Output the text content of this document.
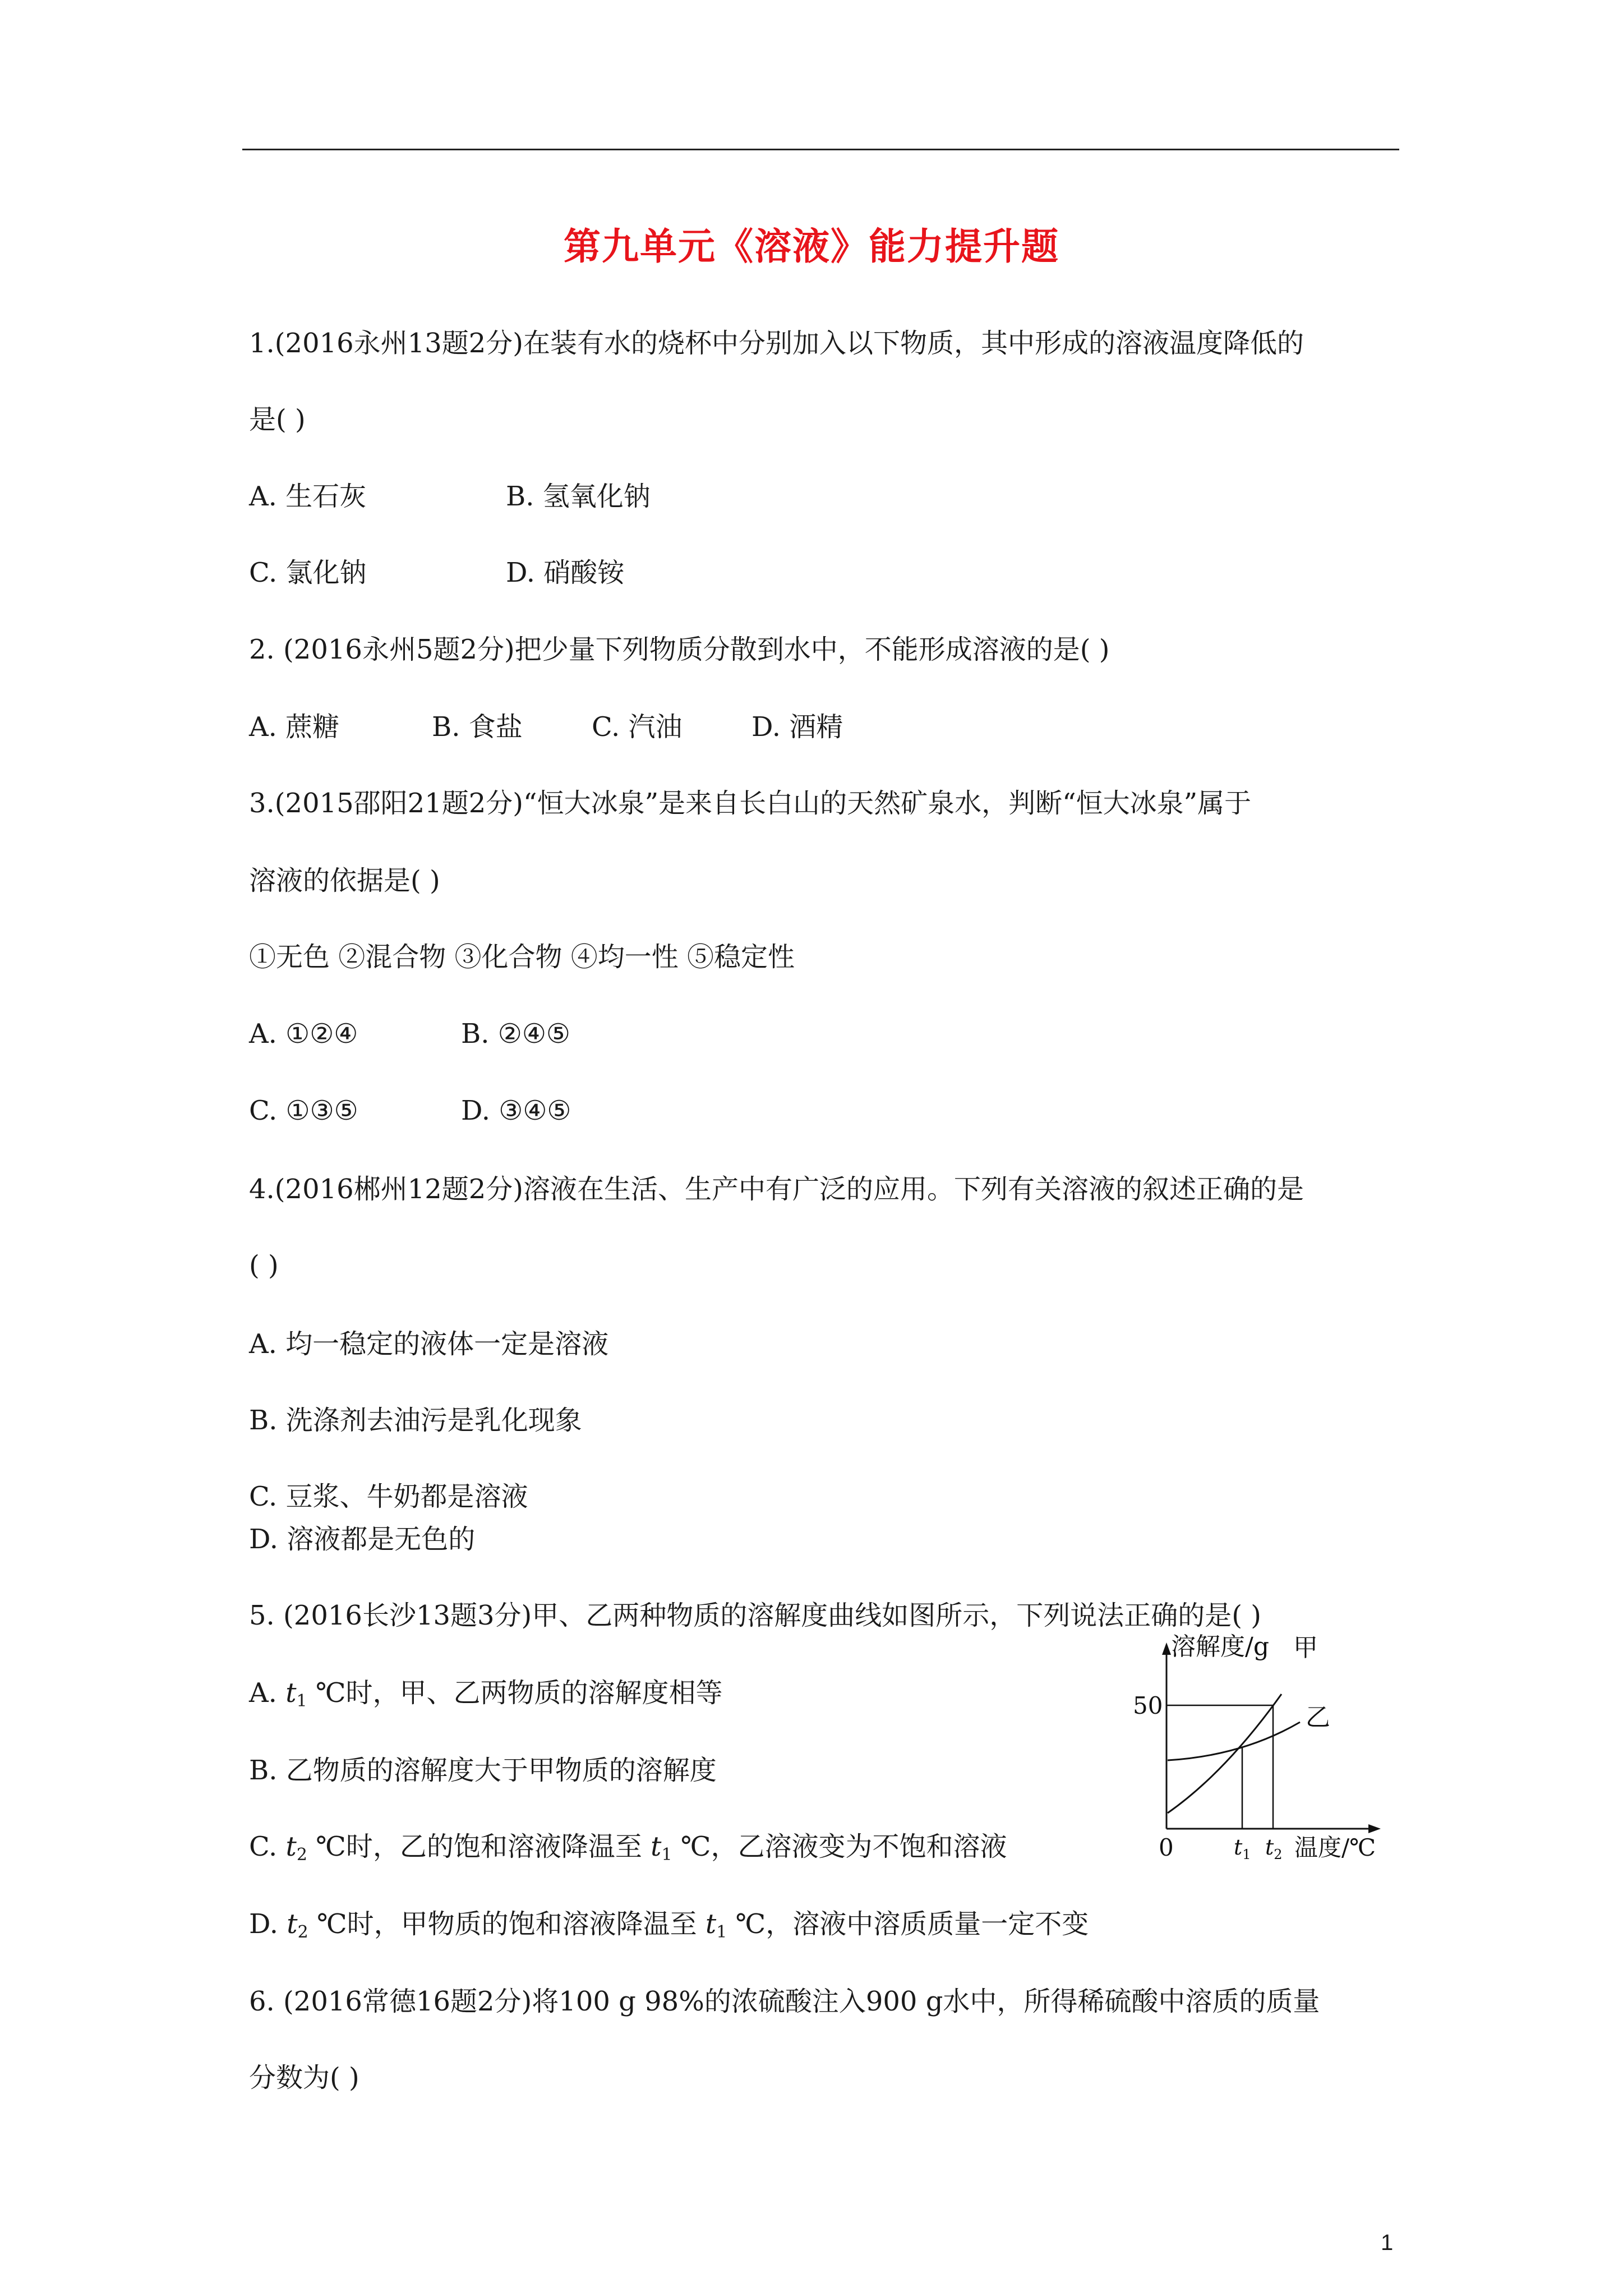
第九单元《溶液》能力提升题
1.(2016永州13题2分)在装有水的烧杯中分别加入以下物质，其中形成的溶液温度降低的
是( )
A. 生石灰	B. 氢氧化钠
C. 氯化钠	D. 硝酸铵
2. (2016永州5题2分)把少量下列物质分散到水中，不能形成溶液的是( )
A. 蔗糖	B. 食盐	C. 汽油	D. 酒精
3.(2015邵阳21题2分)“恒大冰泉”是来自长白山的天然矿泉水，判断“恒大冰泉”属于
溶液的依据是( )
①无色 ②混合物 ③化合物 ④均一性 ⑤稳定性
A. ①②④	B. ②④⑤
C. ①③⑤	D. ③④⑤
4.(2016郴州12题2分)溶液在生活、生产中有广泛的应用。下列有关溶液的叙述正确的是
( )
A. 均一稳定的液体一定是溶液
B. 洗涤剂去油污是乳化现象
C. 豆浆、牛奶都是溶液
D. 溶液都是无色的
5. (2016长沙13题3分)甲、乙两种物质的溶解度曲线如图所示，下列说法正确的是( )
A. $t_1$ ℃时，甲、乙两物质的溶解度相等
B. 乙物质的溶解度大于甲物质的溶解度
C. $t_2$ ℃时，乙的饱和溶液降温至 $t_1$ ℃，乙溶液变为不饱和溶液
D. $t_2$ ℃时，甲物质的饱和溶液降温至 $t_1$ ℃，溶液中溶质质量一定不变
溶解度/g 甲
乙
50
0	$t_1$ $t_2$ 温度/℃
6. (2016常德16题2分)将100 g 98%的浓硫酸注入900 g水中，所得稀硫酸中溶质的质量
分数为( )
1
